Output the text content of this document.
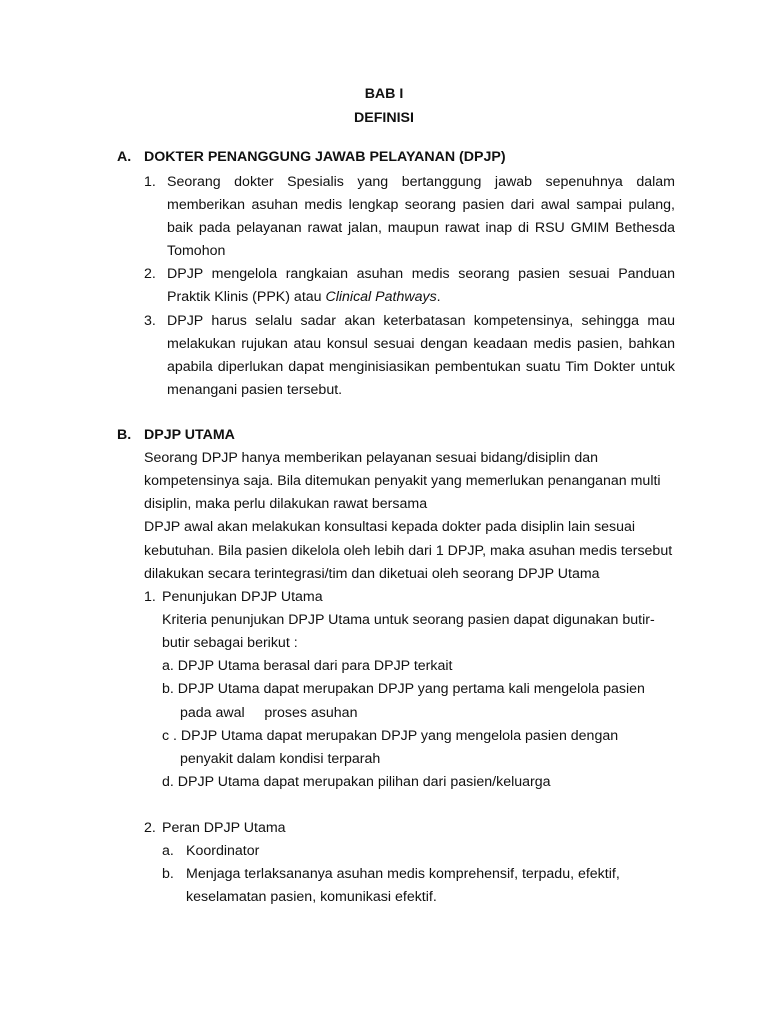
BAB I
DEFINISI
A. DOKTER PENANGGUNG JAWAB PELAYANAN (DPJP)
1. Seorang dokter Spesialis yang bertanggung jawab sepenuhnya dalam
memberikan asuhan medis lengkap seorang pasien dari awal sampai pulang,
baik pada pelayanan rawat jalan, maupun rawat inap di RSU GMIM Bethesda
Tomohon
2. DPJP mengelola rangkaian asuhan medis seorang pasien sesuai Panduan
Praktik Klinis (PPK) atau Clinical Pathways.
3. DPJP harus selalu sadar akan keterbatasan kompetensinya, sehingga mau
melakukan rujukan atau konsul sesuai dengan keadaan medis pasien, bahkan
apabila diperlukan dapat menginisiasikan pembentukan suatu Tim Dokter untuk
menangani pasien tersebut.
B. DPJP UTAMA
Seorang DPJP hanya memberikan pelayanan sesuai bidang/disiplin dan
kompetensinya saja. Bila ditemukan penyakit yang memerlukan penanganan multi
disiplin, maka perlu dilakukan rawat bersama
DPJP awal akan melakukan konsultasi kepada dokter pada disiplin lain sesuai
kebutuhan. Bila pasien dikelola oleh lebih dari 1 DPJP, maka asuhan medis tersebut
dilakukan secara terintegrasi/tim dan diketuai oleh seorang DPJP Utama
1. Penunjukan DPJP Utama
Kriteria penunjukan DPJP Utama untuk seorang pasien dapat digunakan butir-
butir sebagai berikut :
a. DPJP Utama berasal dari para DPJP terkait
b. DPJP Utama dapat merupakan DPJP yang pertama kali mengelola pasien
pada awal     proses asuhan
c . DPJP Utama dapat merupakan DPJP yang mengelola pasien dengan
penyakit dalam kondisi terparah
d. DPJP Utama dapat merupakan pilihan dari pasien/keluarga
2. Peran DPJP Utama
a. Koordinator
b. Menjaga terlaksananya asuhan medis komprehensif, terpadu, efektif,
keselamatan pasien, komunikasi efektif.
